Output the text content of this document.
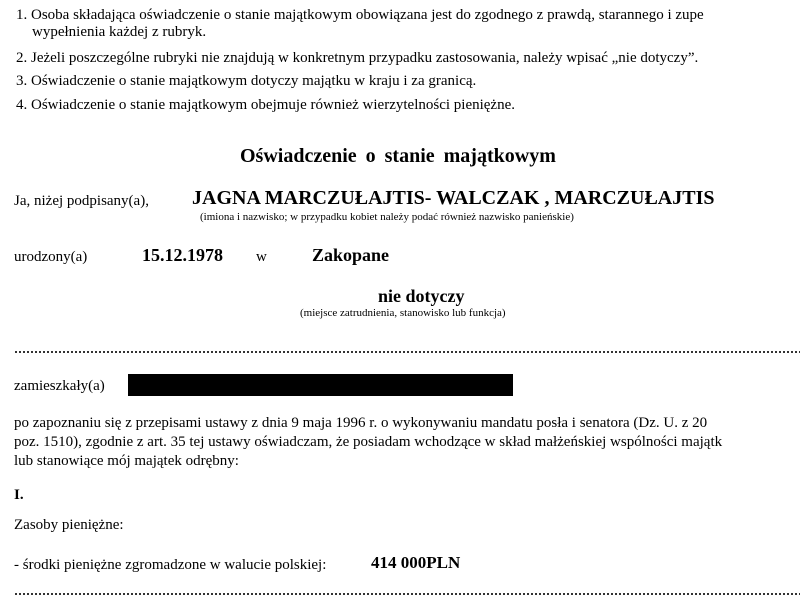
1. Osoba składająca oświadczenie o stanie majątkowym obowiązana jest do zgodnego z prawdą, starannego i zupe
wypełnienia każdej z rubryk.
2. Jeżeli poszczególne rubryki nie znajdują w konkretnym przypadku zastosowania, należy wpisać „nie dotyczy”.
3. Oświadczenie o stanie majątkowym dotyczy majątku w kraju i za granicą.
4. Oświadczenie o stanie majątkowym obejmuje również wierzytelności pieniężne.
Oświadczenie o stanie majątkowym
Ja, niżej podpisany(a), JAGNA MARCZUŁAJTIS- WALCZAK , MARCZUŁAJTIS
(imiona i nazwisko; w przypadku kobiet należy podać również nazwisko panieńskie)
urodzony(a)	15.12.1978 w	Zakopane
nie dotyczy
(miejsce zatrudnienia, stanowisko lub funkcja)
zamieszkały(a)
po zapoznaniu się z przepisami ustawy z dnia 9 maja 1996 r. o wykonywaniu mandatu posła i senatora (Dz. U. z 20
poz. 1510), zgodnie z art. 35 tej ustawy oświadczam, że posiadam wchodzące w skład małżeńskiej wspólności majątk
lub stanowiące mój majątek odrębny:
I.
Zasoby pieniężne:
- środki pieniężne zgromadzone w walucie polskiej:	414 000PLN
